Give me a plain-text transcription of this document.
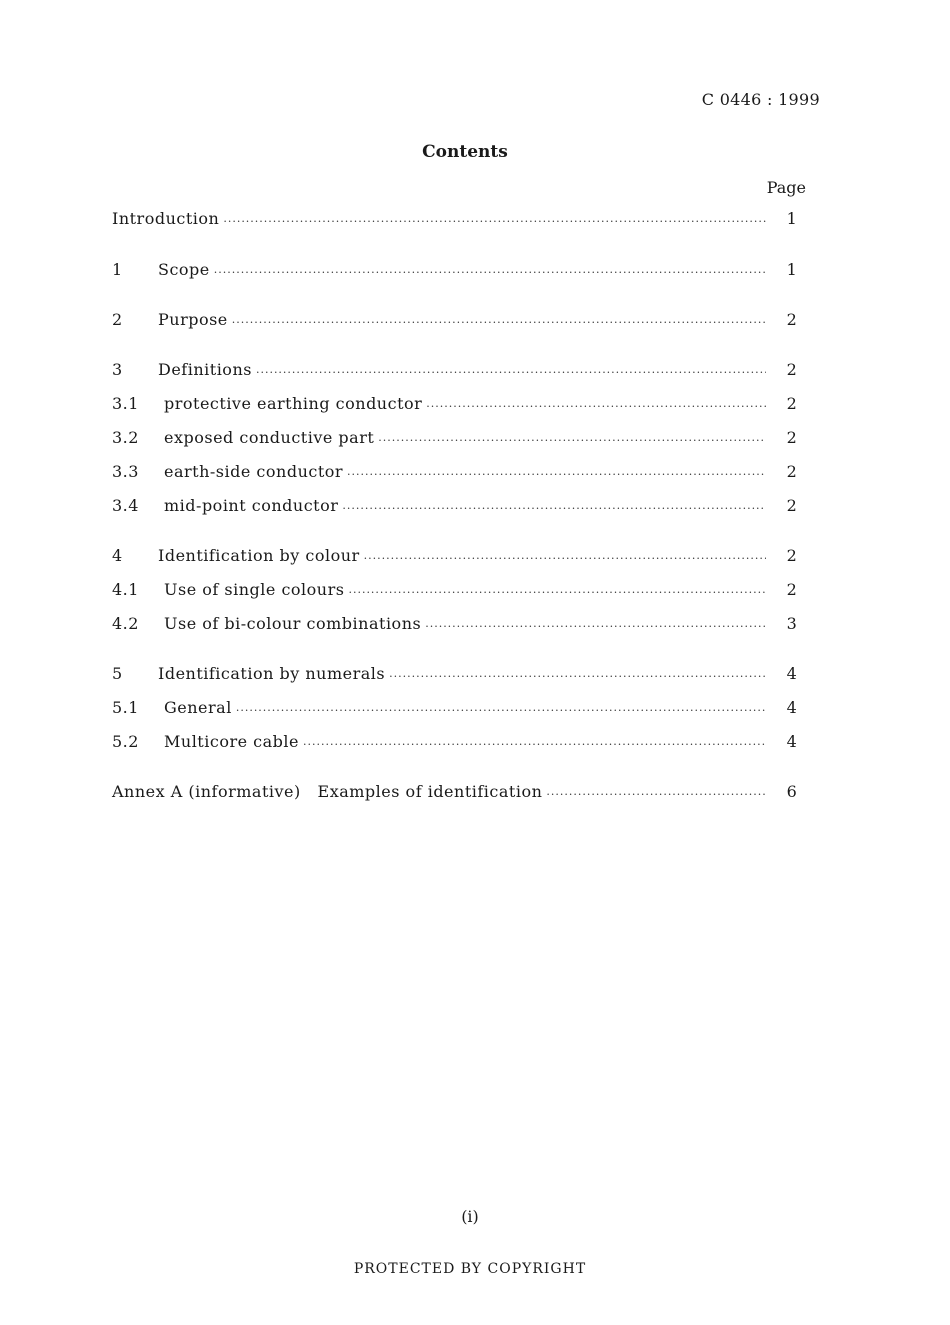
C 0446 : 1999
Contents
Page
Introduction .....	1
1	Scope .....	1
2	Purpose .....	2
3	Definitions .....	2
3.1	protective earthing conductor .....	2
3.2	exposed conductive part .....	2
3.3	earth-side conductor .....	2
3.4	mid-point conductor .....	2
4	Identification by colour .....	2
4.1	Use of single colours .....	2
4.2	Use of bi-colour combinations .....	3
5	Identification by numerals .....	4
5.1	General .....	4
5.2	Multicore cable .....	4
Annex A (informative)   Examples of identification .....	6
(i)
PROTECTED BY COPYRIGHT
